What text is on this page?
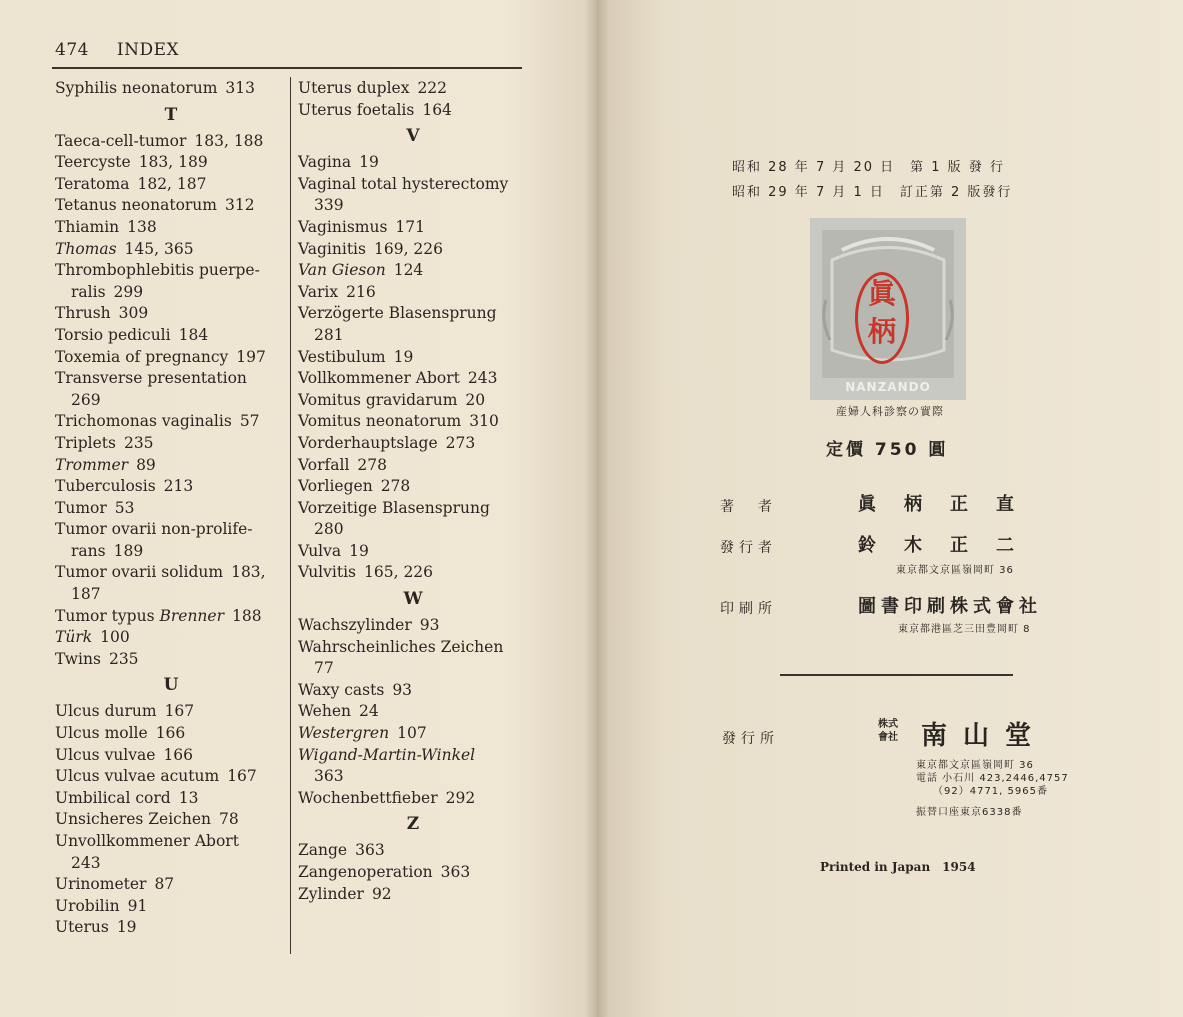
474 INDEX
Syphilis neonatorum 313
T
Taeca-cell-tumor 183, 188
Teercyste 183, 189
Teratoma 182, 187
Tetanus neonatorum 312
Thiamin 138
Thomas 145, 365
Thrombophlebitis puerpe-
ralis 299
Thrush 309
Torsio pediculi 184
Toxemia of pregnancy 197
Transverse presentation
269
Trichomonas vaginalis 57
Triplets 235
Trommer 89
Tuberculosis 213
Tumor 53
Tumor ovarii non-prolife-
rans 189
Tumor ovarii solidum 183,
187
Tumor typus Brenner 188
Türk 100
Twins 235
U
Ulcus durum 167
Ulcus molle 166
Ulcus vulvae 166
Ulcus vulvae acutum 167
Umbilical cord 13
Unsicheres Zeichen 78
Unvollkommener Abort
243
Urinometer 87
Urobilin 91
Uterus 19
Uterus duplex 222
Uterus foetalis 164
V
Vagina 19
Vaginal total hysterectomy
339
Vaginismus 171
Vaginitis 169, 226
Van Gieson 124
Varix 216
Verzögerte Blasensprung
281
Vestibulum 19
Vollkommener Abort 243
Vomitus gravidarum 20
Vomitus neonatorum 310
Vorderhauptslage 273
Vorfall 278
Vorliegen 278
Vorzeitige Blasensprung
280
Vulva 19
Vulvitis 165, 226
W
Wachszylinder 93
Wahrscheinliches Zeichen
77
Waxy casts 93
Wehen 24
Westergren 107
Wigand-Martin-Winkel
363
Wochenbettfieber 292
Z
Zange 363
Zangenoperation 363
Zylinder 92
昭和 28 年 7 月 20 日　第 1 版 發 行
昭和 29 年 7 月 1 日　訂正第 2 版發行
眞
柄
NANZANDO
産婦人科診察の實際
定價 750 圓
著　者	眞柄正直
發行者	鈴木正二
東京都文京區嶺岡町 36
印刷所	圖書印刷株式會社
東京都港區芝三田豊岡町 8
發行所
株式
會社 南山堂
東京都文京區嶺岡町 36
電話 小石川 423,2446,4757
　　（92）4771, 5965番
振替口座東京6338番
Printed in Japan　1954
